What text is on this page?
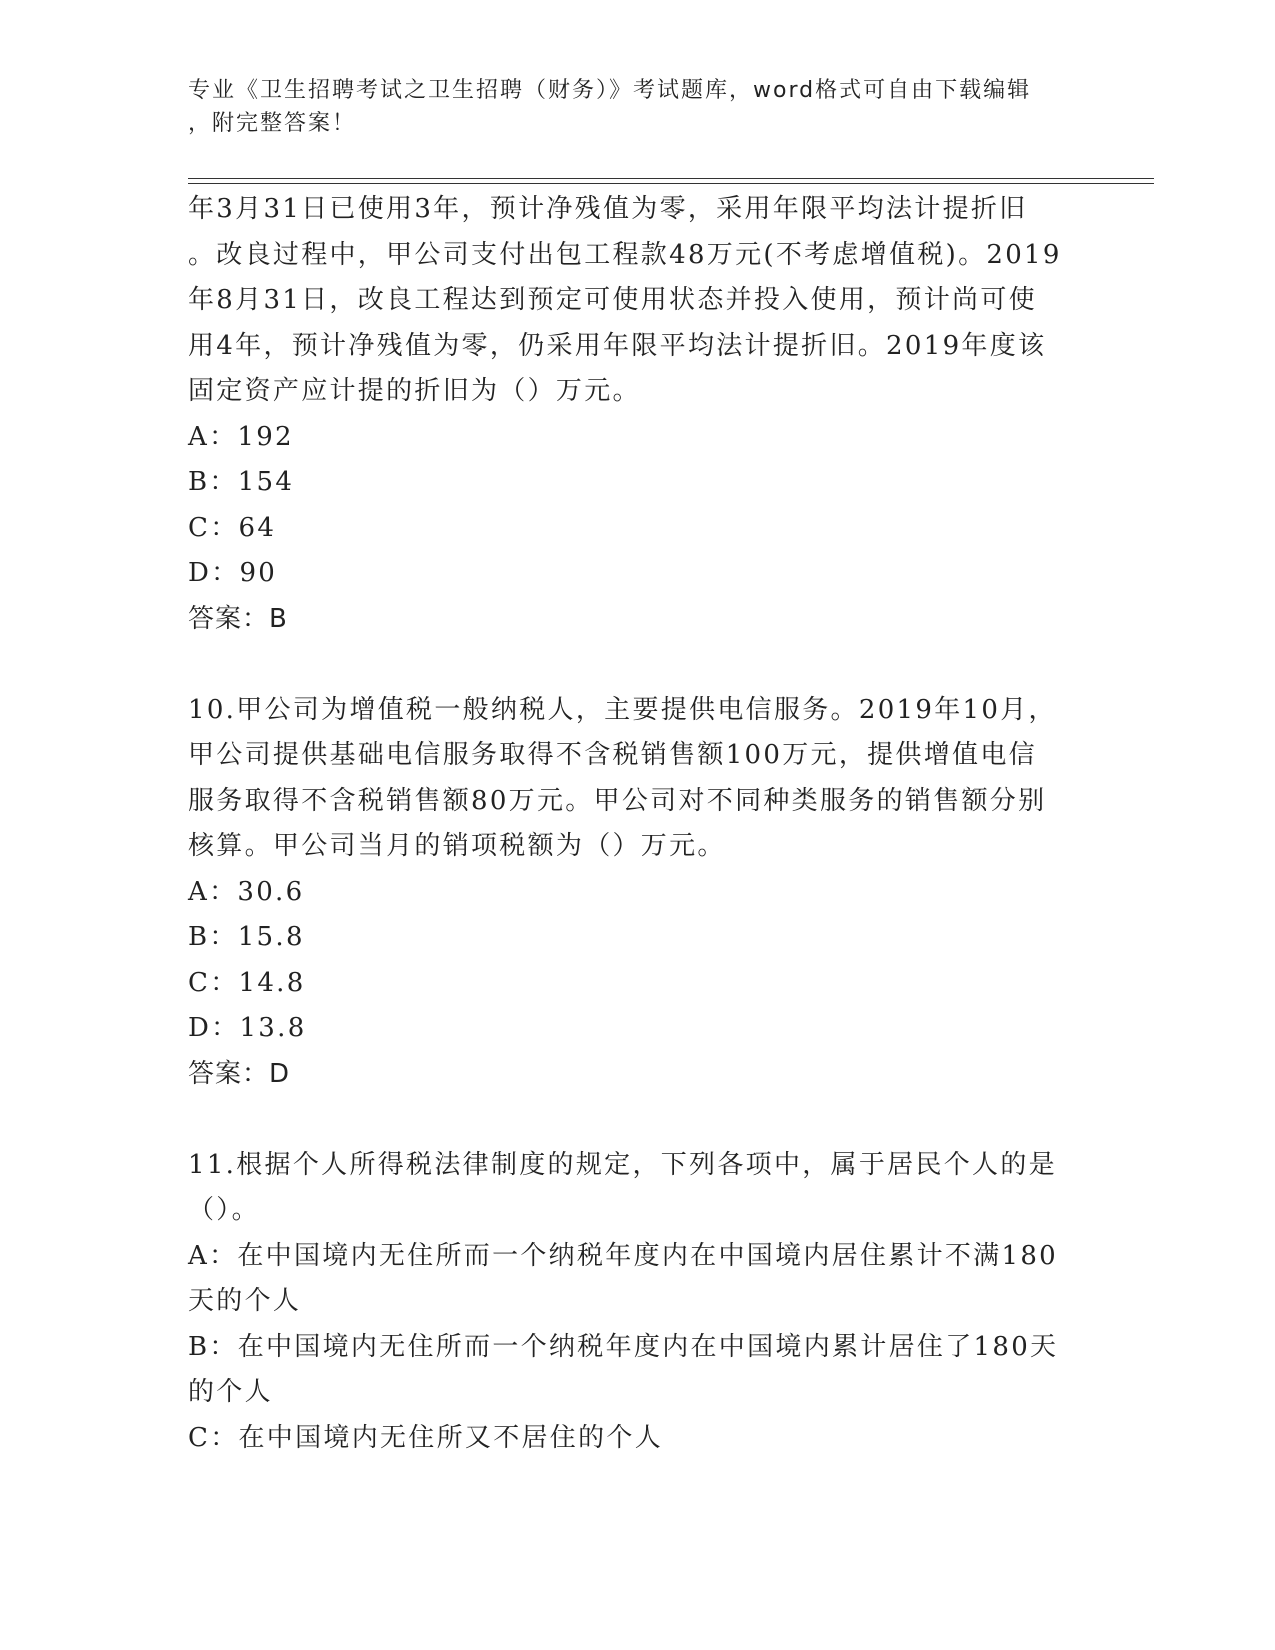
专业《卫生招聘考试之卫生招聘（财务）》考试题库，word格式可自由下载编辑
，附完整答案！
年3月31日已使用3年，预计净残值为零，采用年限平均法计提折旧
。改良过程中，甲公司支付出包工程款48万元(不考虑增值税)。2019
年8月31日，改良工程达到预定可使用状态并投入使用，预计尚可使
用4年，预计净残值为零，仍采用年限平均法计提折旧。2019年度该
固定资产应计提的折旧为（）万元。
A：192
B：154
C：64
D：90
答案：B
10.甲公司为增值税一般纳税人，主要提供电信服务。2019年10月，
甲公司提供基础电信服务取得不含税销售额100万元，提供增值电信
服务取得不含税销售额80万元。甲公司对不同种类服务的销售额分别
核算。甲公司当月的销项税额为（）万元。
A：30.6
B：15.8
C：14.8
D：13.8
答案：D
11.根据个人所得税法律制度的规定，下列各项中，属于居民个人的是
（）。
A：在中国境内无住所而一个纳税年度内在中国境内居住累计不满180
天的个人
B：在中国境内无住所而一个纳税年度内在中国境内累计居住了180天
的个人
C：在中国境内无住所又不居住的个人
